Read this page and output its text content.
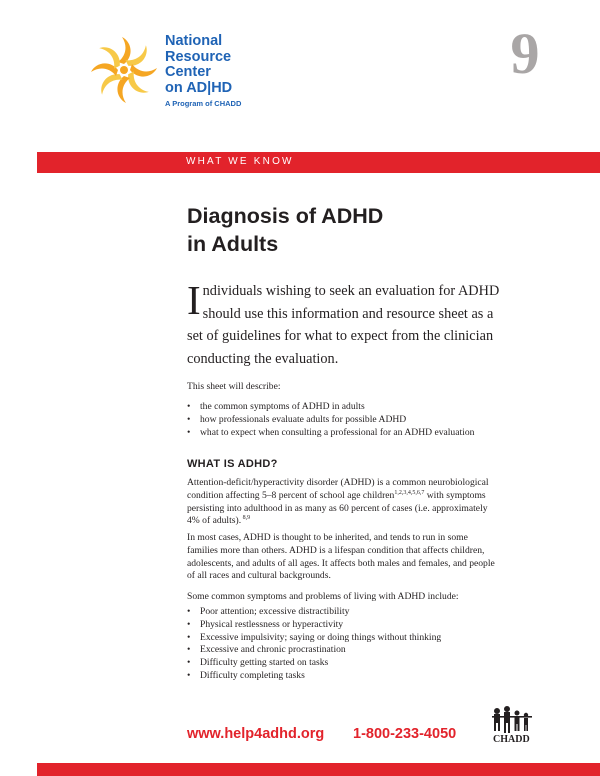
National
Resource
Center
on AD|HD
A Program of CHADD
9
WHAT WE KNOW
Diagnosis of ADHD
in Adults
I ndividuals wishing to seek an evaluation for ADHD
should use this information and resource sheet as a
set of guidelines for what to expect from the clinician
conducting the evaluation.
This sheet will describe:
• the common symptoms of ADHD in adults
• how professionals evaluate adults for possible ADHD
• what to expect when consulting a professional for an ADHD evaluation
WHAT IS ADHD?
Attention-deficit/hyperactivity disorder (ADHD) is a common neurobiological
condition affecting 5–8 percent of school age children$^{1,2,3,4,5,6,7}$ with symptoms
persisting into adulthood in as many as 60 percent of cases (i.e. approximately
4% of adults). $^{8,9}$
In most cases, ADHD is thought to be inherited, and tends to run in some
families more than others. ADHD is a lifespan condition that affects children,
adolescents, and adults of all ages. It affects both males and females, and people
of all races and cultural backgrounds.
Some common symptoms and problems of living with ADHD include:
• Poor attention; excessive distractibility
• Physical restlessness or hyperactivity
• Excessive impulsivity; saying or doing things without thinking
• Excessive and chronic procrastination
• Difficulty getting started on tasks
• Difficulty completing tasks
www.help4adhd.org 1-800-233-4050	CHADD
